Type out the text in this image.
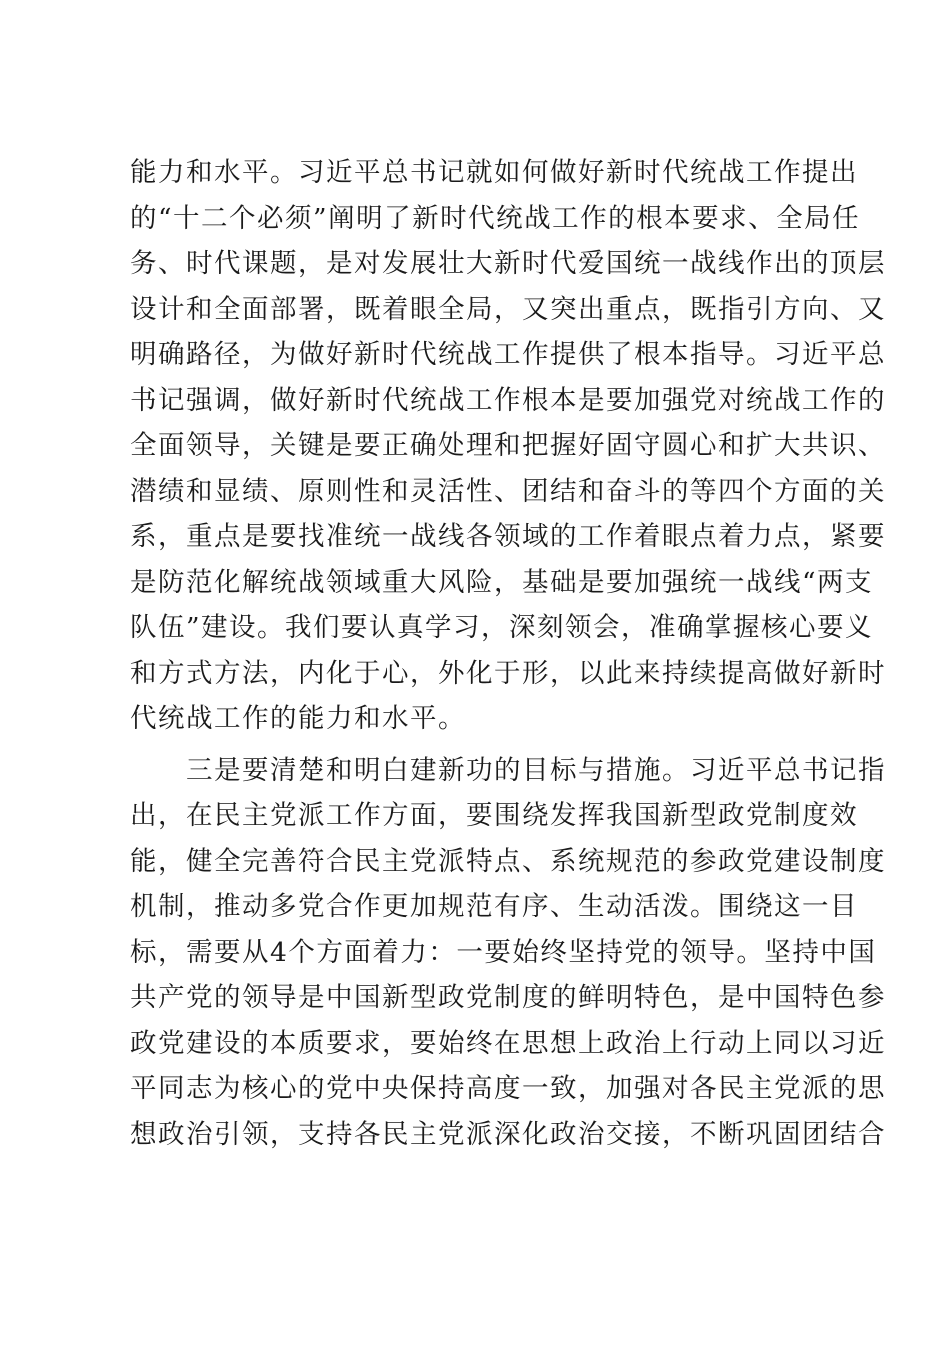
能力和水平。习近平总书记就如何做好新时代统战工作提出
的“十二个必须”阐明了新时代统战工作的根本要求、全局任
务、时代课题，是对发展壮大新时代爱国统一战线作出的顶层
设计和全面部署，既着眼全局，又突出重点，既指引方向、又
明确路径，为做好新时代统战工作提供了根本指导。习近平总
书记强调，做好新时代统战工作根本是要加强党对统战工作的
全面领导，关键是要正确处理和把握好固守圆心和扩大共识、
潜绩和显绩、原则性和灵活性、团结和奋斗的等四个方面的关
系，重点是要找准统一战线各领域的工作着眼点着力点，紧要
是防范化解统战领域重大风险，基础是要加强统一战线“两支
队伍”建设。我们要认真学习，深刻领会，准确掌握核心要义
和方式方法，内化于心，外化于形，以此来持续提高做好新时
代统战工作的能力和水平。
　　三是要清楚和明白建新功的目标与措施。习近平总书记指
出，在民主党派工作方面，要围绕发挥我国新型政党制度效
能，健全完善符合民主党派特点、系统规范的参政党建设制度
机制，推动多党合作更加规范有序、生动活泼。围绕这一目
标，需要从4个方面着力：一要始终坚持党的领导。坚持中国
共产党的领导是中国新型政党制度的鲜明特色，是中国特色参
政党建设的本质要求，要始终在思想上政治上行动上同以习近
平同志为核心的党中央保持高度一致，加强对各民主党派的思
想政治引领，支持各民主党派深化政治交接，不断巩固团结合
